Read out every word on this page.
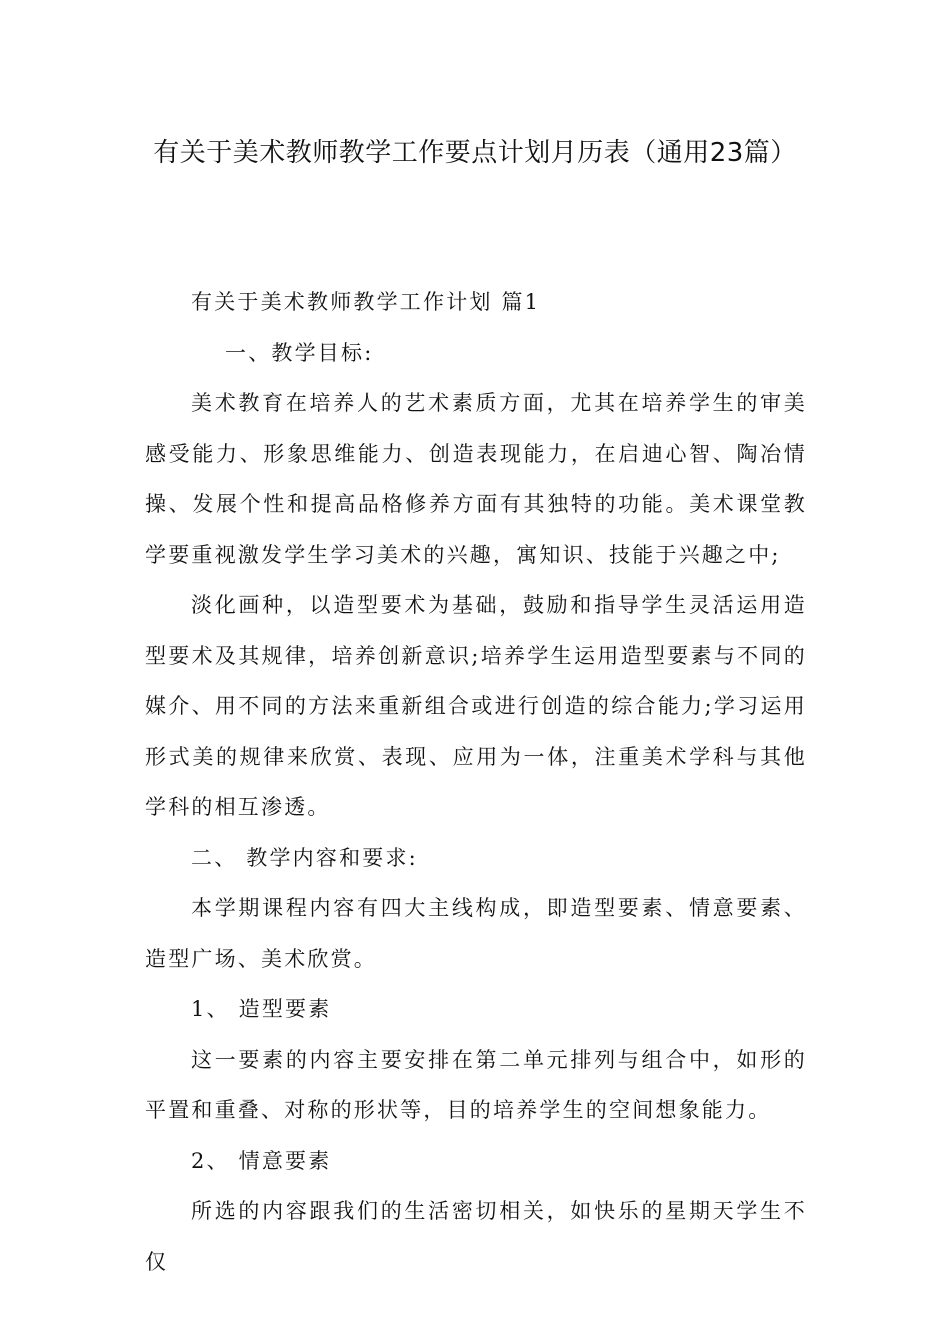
有关于美术教师教学工作要点计划月历表（通用23篇）

有关于美术教师教学工作计划 篇1

一、教学目标:

美术教育在培养人的艺术素质方面，尤其在培养学生的审美感受能力、形象思维能力、创造表现能力，在启迪心智、陶冶情操、发展个性和提高品格修养方面有其独特的功能。美术课堂教学要重视激发学生学习美术的兴趣，寓知识、技能于兴趣之中;

淡化画种，以造型要术为基础，鼓励和指导学生灵活运用造型要术及其规律，培养创新意识;培养学生运用造型要素与不同的媒介、用不同的方法来重新组合或进行创造的综合能力;学习运用形式美的规律来欣赏、表现、应用为一体，注重美术学科与其他学科的相互渗透。

二、 教学内容和要求:

本学期课程内容有四大主线构成，即造型要素、情意要素、造型广场、美术欣赏。

1、 造型要素

这一要素的内容主要安排在第二单元排列与组合中，如形的平置和重叠、对称的形状等，目的培养学生的空间想象能力。

2、 情意要素

所选的内容跟我们的生活密切相关，如快乐的星期天学生不仅
